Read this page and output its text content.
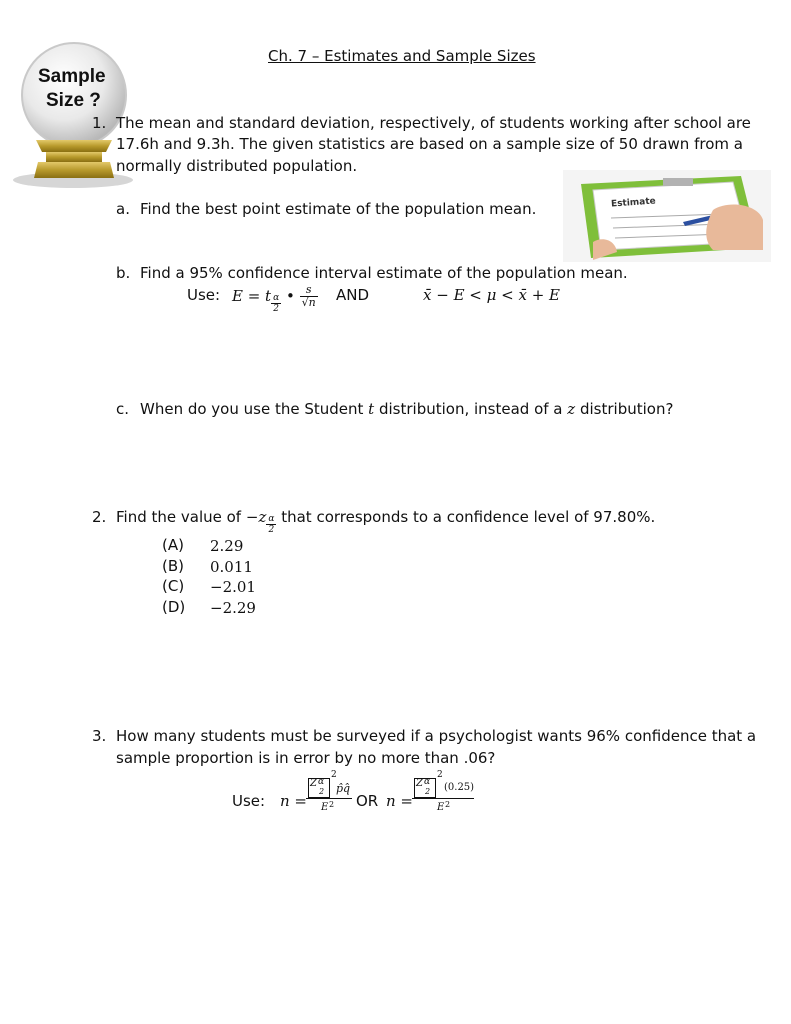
Sample
Size ?
Ch. 7 – Estimates and Sample Sizes
Estimate
1. The mean and standard deviation, respectively, of students working after school are
17.6h and 9.3h. The given statistics are based on a sample size of 50 drawn from a
normally distributed population.
a. Find the best point estimate of the population mean.
b. Find a 95% confidence interval estimate of the population mean.
Use: E = t $\frac{\alpha}{2}$ • $\frac{s}{√n}$ AND	x̄ − E < μ < x̄ + E
c. When do you use the Student t distribution, instead of a z distribution?
2. Find the value of $-z \frac{\alpha}{2}$ that corresponds to a confidence level of 97.80%.
(A) 2.29
(B) 0.011
(C) −2.01
(D) −2.29
3. How many students must be surveyed if a psychologist wants 96% confidence that a
sample proportion is in error by no more than .06?
Use: n =
Z α
2
2
p̂q̂
E 2 OR n =
Z α
2
2
(0.25)
E 2
